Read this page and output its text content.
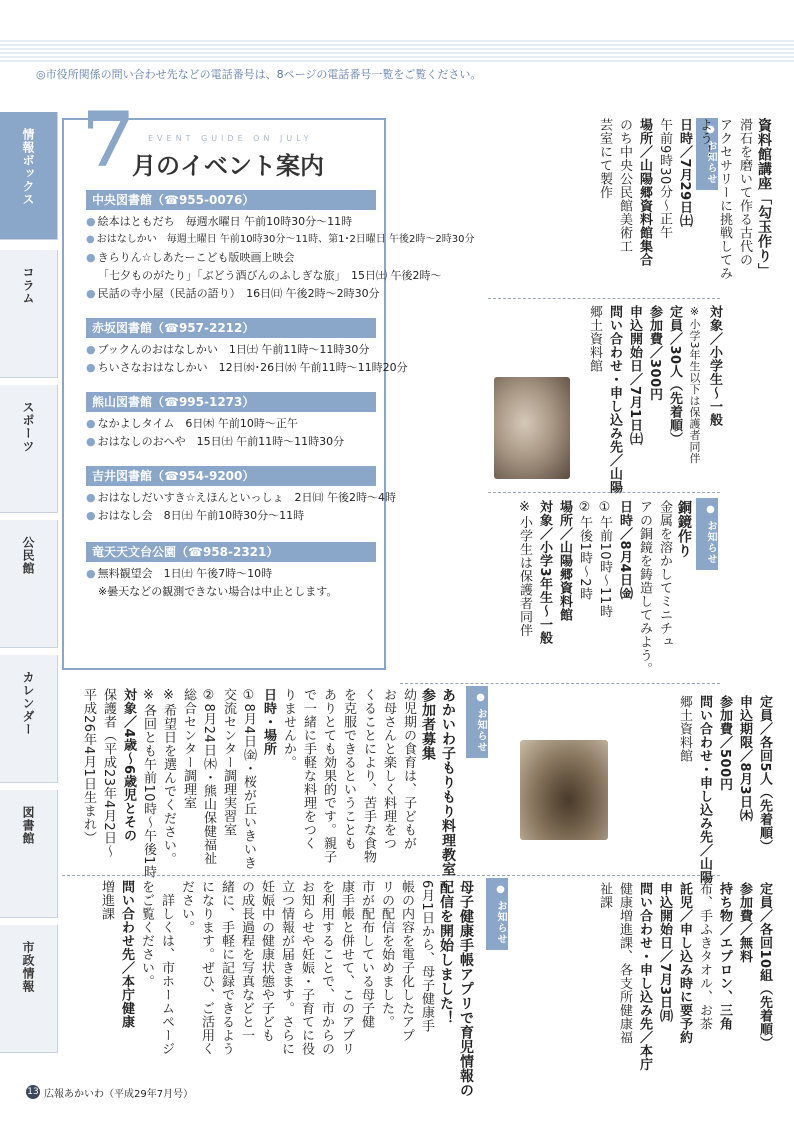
◎市役所関係の問い合わせ先などの電話番号は、8ページの電話番号一覧をご覧ください。
情報ボックス
コラム
スポーツ
公民館
カレンダー
図書館
市政情報
7 EVENT GUIDE ON JULY
月のイベント案内
中央図書館（☎955-0076）
● 絵本はともだち　毎週水曜日 午前10時30分～11時
● おはなしかい　毎週土曜日 午前10時30分～11時、第1･2日曜日 午後2時～2時30分
● きらりん☆しあたーこども版映画上映会
「七夕ものがたり」「ぶどう酒びんのふしぎな旅」　15日㈯ 午後2時～
● 民話の寺小屋（民話の語り）　16日㈰ 午後2時～2時30分
赤坂図書館（☎957-2212）
● ブックんのおはなしかい　1日㈯ 午前11時～11時30分
● ちいさなおはなしかい　12日㈬･26日㈬ 午前11時～11時20分
熊山図書館（☎995-1273）
● なかよしタイム　6日㈭ 午前10時～正午
● おはなしのおへや　15日㈯ 午前11時～11時30分
吉井図書館（☎954-9200）
● おはなしだいすき☆えほんといっしょ　2日㈰ 午後2時～4時
● おはなし会　8日㈯ 午前10時30分～11時
竜天天文台公園（☎958-2321）
● 無料観望会　1日㈯ 午後7時～10時
※曇天などの観測できない場合は中止とします。
● お知らせ	資料館講座「勾玉作り」
滑石を磨いて作る古代の
アクセサリーに挑戦してみ
よう！
日時／7月29日㈯
午前9時30分～正午
場所／山陽郷資料館集合
のち中央公民館美術工
芸室にて製作
対象／小学生～一般
※小学3年生以下は保護者同伴
定員／30人（先着順）
参加費／300円
申込開始日／7月1日㈯
問い合わせ・申し込み先／山陽
郷土資料館
● お知らせ
銅鏡作り
金属を溶かしてミニチュ
アの銅鏡を鋳造してみよう。
日時／8月4日㈮
①午前10時～11時
②午後1時～2時
場所／山陽郷資料館
対象／小学3年生～一般
※小学生は保護者同伴
定員／各回5人（先着順）
申込期限／8月3日㈭
参加費／500円
問い合わせ・申し込み先／山陽
郷土資料館
● お知らせ
あかいわ子もりもり料理教室
参加者募集
幼児期の食育は、子どもが
お母さんと楽しく料理をつ
くることにより、苦手な食物
を克服できるということも
ありとても効果的です。親子
で一緒に手軽な料理をつく
りませんか。
日時・場所
①8月4日㈮・桜が丘いきいき
交流センター調理実習室
②8月24日㈭・熊山保健福祉
総合センター調理室
※希望日を選んでください。
※各回とも午前10時～午後1時
対象／4歳～6歳児とその
保護者（平成23年4月2日～
平成26年4月1日生まれ）
定員／各回10組（先着順）
参加費／無料
持ち物／エプロン、三角
布、手ふきタオル、お茶
託児／申し込み時に要予約
申込開始日／7月3日㈪
問い合わせ・申し込み先／本庁
健康増進課、各支所健康福
祉課
● お知らせ
母子健康手帳アプリで育児情報の
配信を開始しました！
6月1日から、母子健康手
帳の内容を電子化したアプ
リの配信を始めました。
市が配布している母子健
康手帳と併せて、このアプリ
を利用することで、市からの
お知らせや妊娠・子育てに役
立つ情報が届きます。さらに
妊娠中の健康状態や子ども
の成長過程を写真などと一
緒に、手軽に記録できるよう
になります。ぜひ、ご活用く
ださい。
　詳しくは、市ホームページ
をご覧ください。
問い合わせ先／本庁健康
増進課
13 広報あかいわ（平成29年7月号）
